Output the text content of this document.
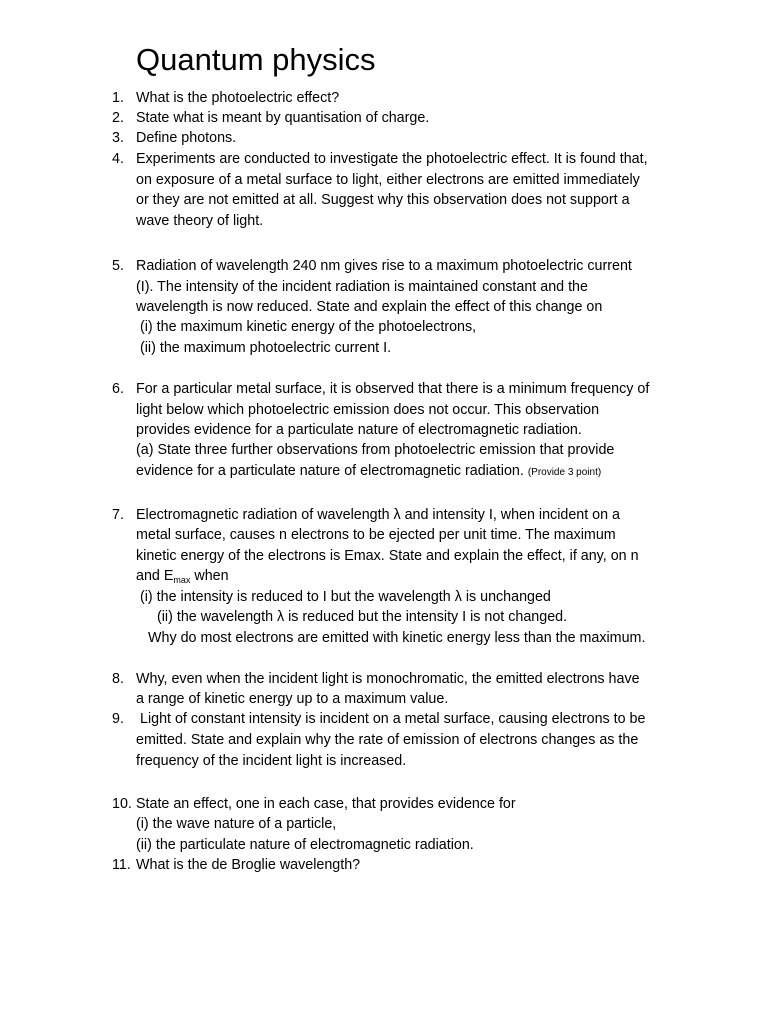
Quantum physics
1.
2.
3.
4.
5.
6.
7.
8.
9.
10.
11.
What is the photoelectric effect?
State what is meant by quantisation of charge.
Define photons.
Experiments are conducted to investigate the photoelectric effect. It is found that,
on exposure of a metal surface to light, either electrons are emitted immediately
or they are not emitted at all. Suggest why this observation does not support a
wave theory of light.
Radiation of wavelength 240 nm gives rise to a maximum photoelectric current
(I). The intensity of the incident radiation is maintained constant and the
wavelength is now reduced. State and explain the effect of this change on
(i) the maximum kinetic energy of the photoelectrons,
(ii) the maximum photoelectric current I.
For a particular metal surface, it is observed that there is a minimum frequency of
light below which photoelectric emission does not occur. This observation
provides evidence for a particulate nature of electromagnetic radiation.
(a) State three further observations from photoelectric emission that provide
evidence for a particulate nature of electromagnetic radiation. (Provide 3 point)
Electromagnetic radiation of wavelength λ and intensity I, when incident on a
metal surface, causes n electrons to be ejected per unit time. The maximum
kinetic energy of the electrons is Emax. State and explain the effect, if any, on n
and $E_{max}$ when
(i) the intensity is reduced to I but the wavelength λ is unchanged
(ii) the wavelength λ is reduced but the intensity I is not changed.
Why do most electrons are emitted with kinetic energy less than the maximum.
Why, even when the incident light is monochromatic, the emitted electrons have
a range of kinetic energy up to a maximum value.
Light of constant intensity is incident on a metal surface, causing electrons to be
emitted. State and explain why the rate of emission of electrons changes as the
frequency of the incident light is increased.
State an effect, one in each case, that provides evidence for
(i) the wave nature of a particle,
(ii) the particulate nature of electromagnetic radiation.
What is the de Broglie wavelength?
